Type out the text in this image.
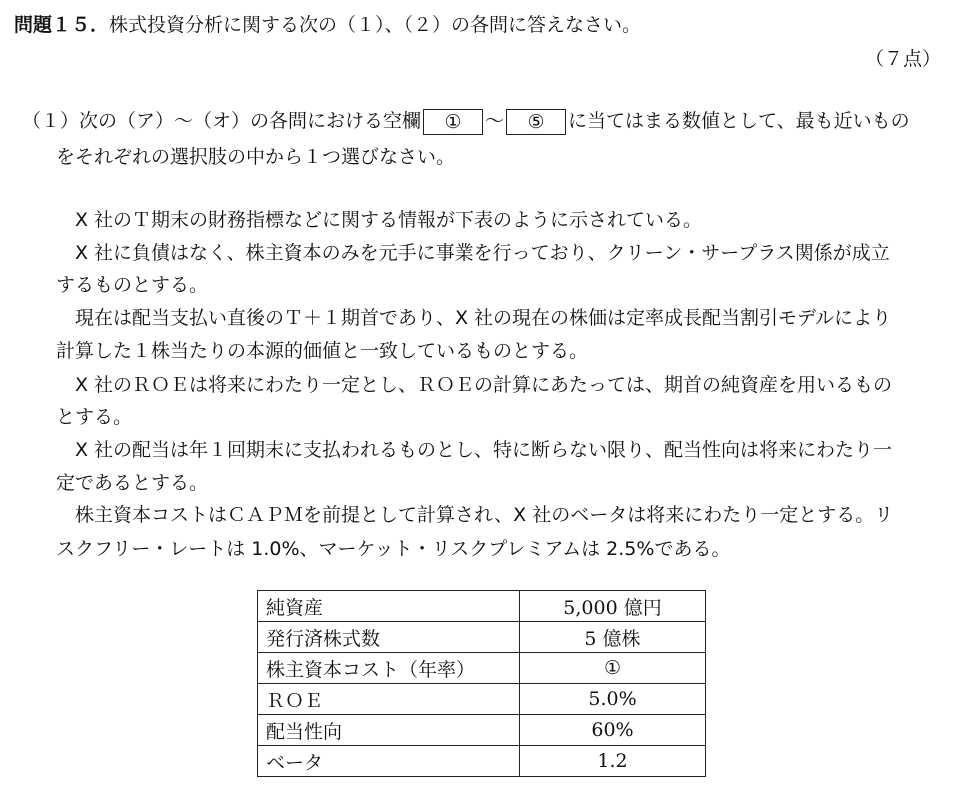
問題１５．株式投資分析に関する次の（１）、（２）の各問に答えなさい。
（７点）
（１）次の（ア）〜（オ）の各問における空欄 ① 〜 ⑤ に当てはまる数値として、最も近いもの
をそれぞれの選択肢の中から１つ選びなさい。
X 社のＴ期末の財務指標などに関する情報が下表のように示されている。
X 社に負債はなく、株主資本のみを元手に事業を行っており、クリーン・サープラス関係が成立
するものとする。
現在は配当支払い直後のＴ＋１期首であり、X 社の現在の株価は定率成長配当割引モデルにより
計算した１株当たりの本源的価値と一致しているものとする。
X 社のＲＯＥは将来にわたり一定とし、ＲＯＥの計算にあたっては、期首の純資産を用いるもの
とする。
X 社の配当は年１回期末に支払われるものとし、特に断らない限り、配当性向は将来にわたり一
定であるとする。
株主資本コストはＣＡＰＭを前提として計算され、X 社のベータは将来にわたり一定とする。リ
スクフリー・レートは 1.0%、マーケット・リスクプレミアムは 2.5%である。
純資産	5,000 億円
発行済株式数	5 億株
株主資本コスト（年率）	①
ＲＯＥ	5.0%
配当性向	60%
ベータ	1.2
